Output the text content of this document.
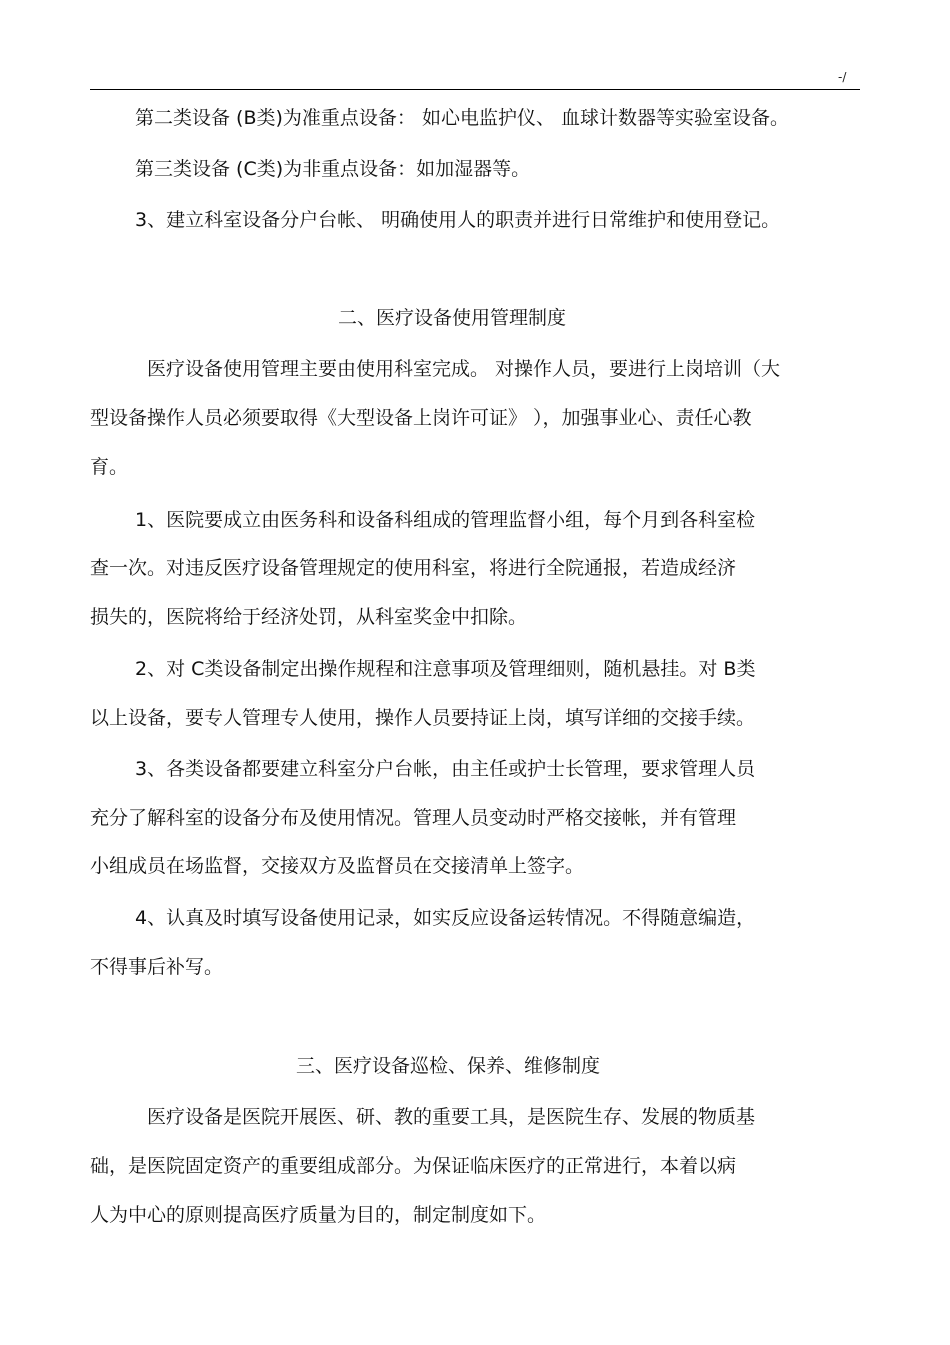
-/
第二类设备 (B类)为准重点设备： 如心电监护仪、 血球计数器等实验室设备。
第三类设备 (C类)为非重点设备：如加湿器等。
3、建立科室设备分户台帐、 明确使用人的职责并进行日常维护和使用登记。
二、医疗设备使用管理制度
医疗设备使用管理主要由使用科室完成。 对操作人员，要进行上岗培训（大
型设备操作人员必须要取得《大型设备上岗许可证》 ），加强事业心、责任心教
育。
1、医院要成立由医务科和设备科组成的管理监督小组，每个月到各科室检
查一次。对违反医疗设备管理规定的使用科室，将进行全院通报，若造成经济
损失的，医院将给于经济处罚，从科室奖金中扣除。
2、对 C类设备制定出操作规程和注意事项及管理细则，随机悬挂。对 B类
以上设备，要专人管理专人使用，操作人员要持证上岗，填写详细的交接手续。
3、各类设备都要建立科室分户台帐，由主任或护士长管理，要求管理人员
充分了解科室的设备分布及使用情况。管理人员变动时严格交接帐，并有管理
小组成员在场监督，交接双方及监督员在交接清单上签字。
4、认真及时填写设备使用记录，如实反应设备运转情况。不得随意编造，
不得事后补写。
三、医疗设备巡检、保养、维修制度
医疗设备是医院开展医、研、教的重要工具，是医院生存、发展的物质基
础，是医院固定资产的重要组成部分。为保证临床医疗的正常进行，本着以病
人为中心的原则提高医疗质量为目的，制定制度如下。
